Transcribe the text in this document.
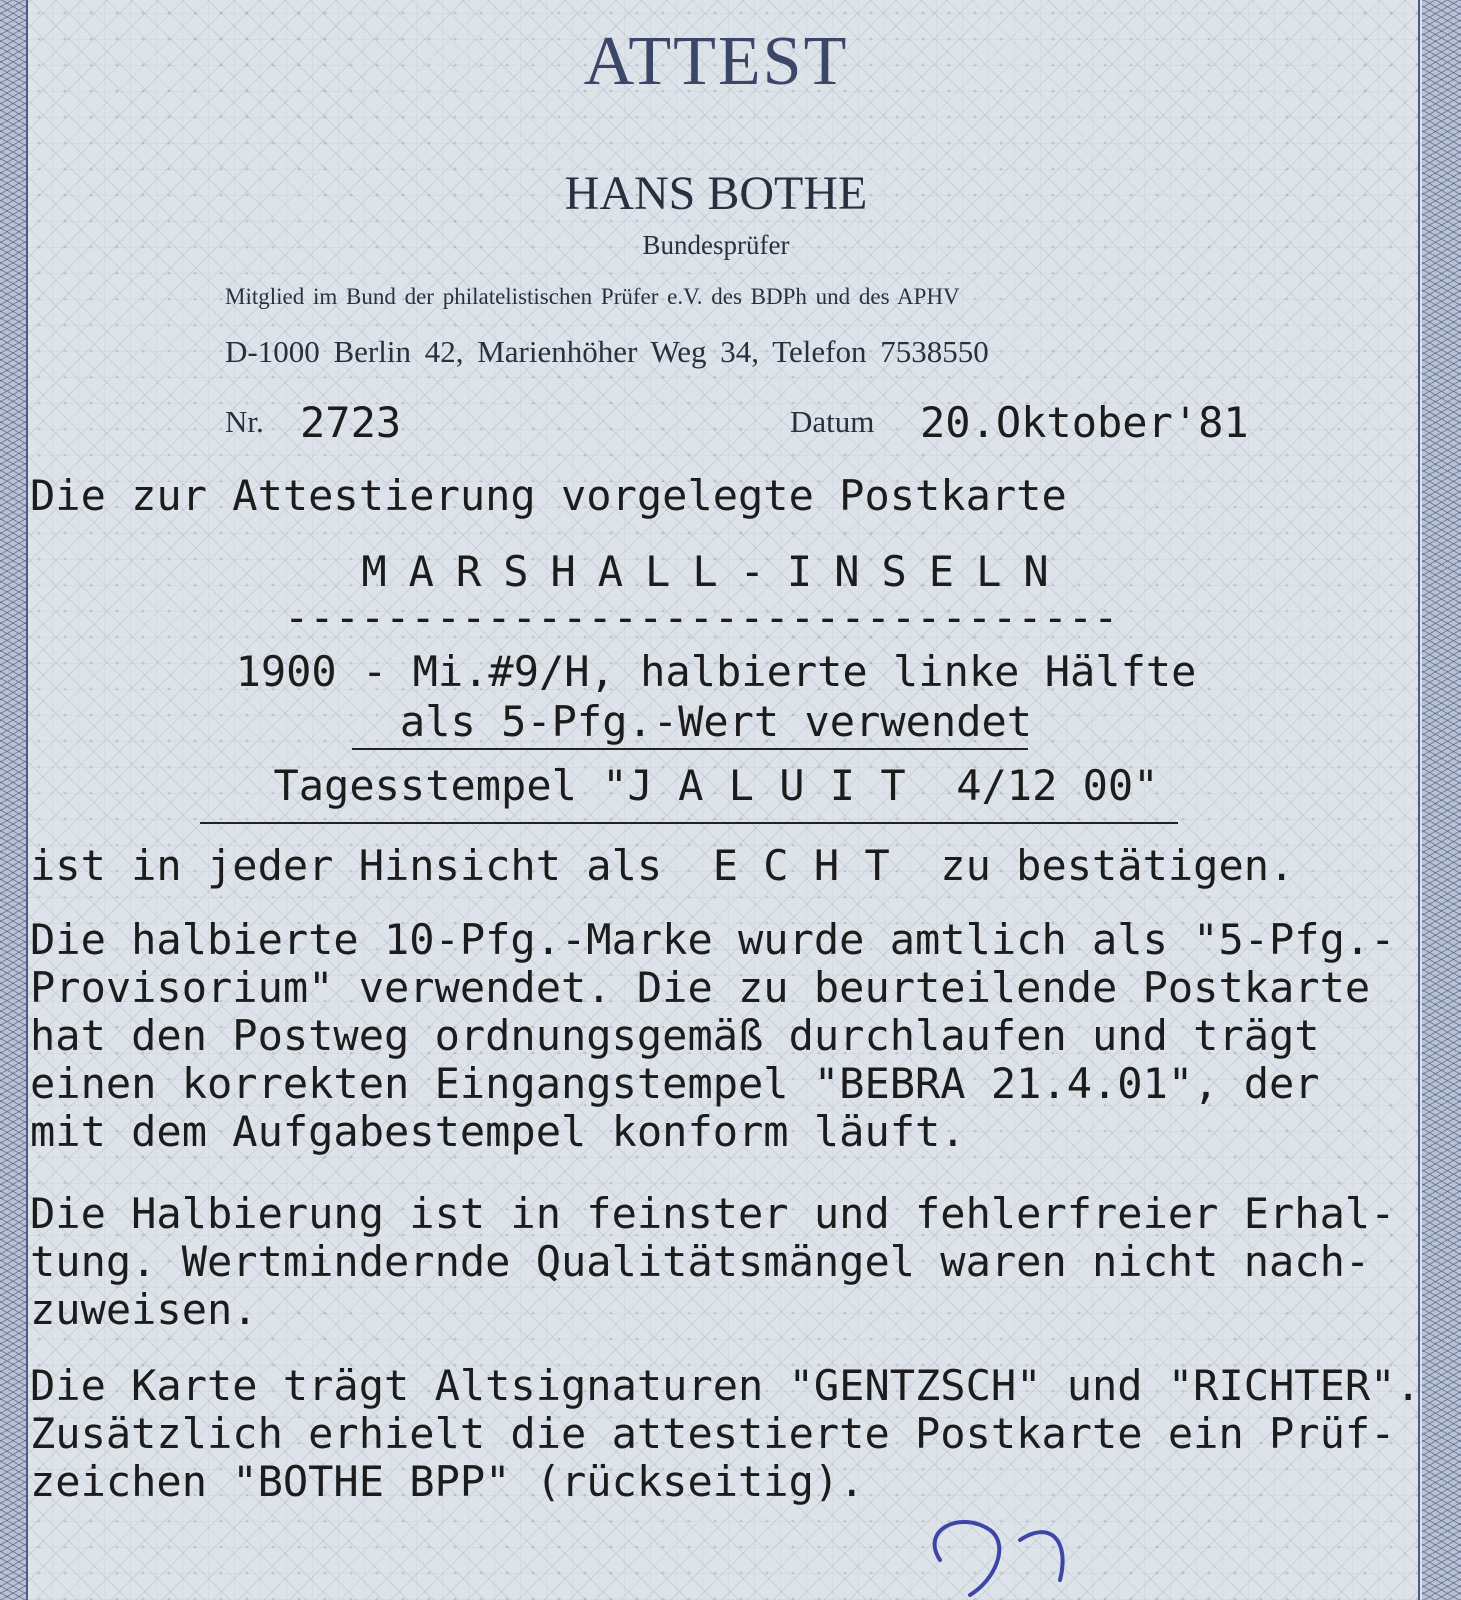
ATTEST
HANS BOTHE
Bundesprüfer
Mitglied im Bund der philatelistischen Prüfer e.V. des BDPh und des APHV
D-1000 Berlin 42, Marienhöher Weg 34, Telefon 7538550
Nr. 2723	Datum 20.Oktober'81
Die zur Attestierung vorgelegte Postkarte
MARSHALL-INSELN
---------------------------------
1900 - Mi.#9/H, halbierte linke Hälfte
als 5-Pfg.-Wert verwendet
Tagesstempel "J A L U I T  4/12 00"
ist in jeder Hinsicht als  E C H T  zu bestätigen.
Die halbierte 10-Pfg.-Marke wurde amtlich als "5-Pfg.-
Provisorium" verwendet. Die zu beurteilende Postkarte
hat den Postweg ordnungsgemäß durchlaufen und trägt
einen korrekten Eingangstempel "BEBRA 21.4.01", der
mit dem Aufgabestempel konform läuft.
Die Halbierung ist in feinster und fehlerfreier Erhal-
tung. Wertmindernde Qualitätsmängel waren nicht nach-
zuweisen.
Die Karte trägt Altsignaturen "GENTZSCH" und "RICHTER".
Zusätzlich erhielt die attestierte Postkarte ein Prüf-
zeichen "BOTHE BPP" (rückseitig).
